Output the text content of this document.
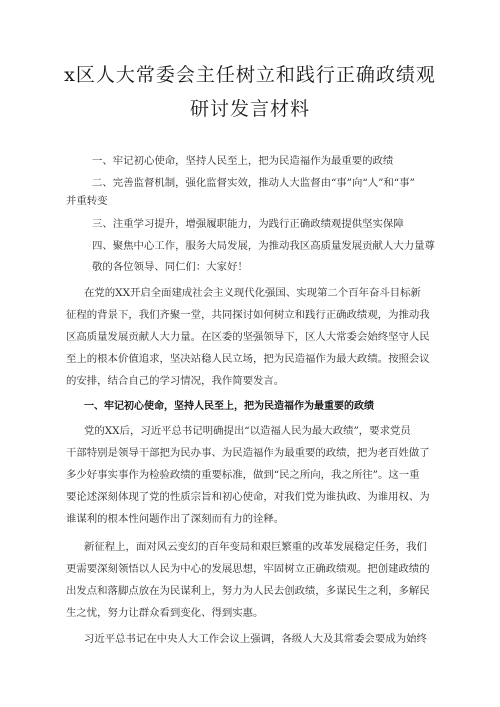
x区人大常委会主任树立和践行正确政绩观
研讨发言材料
一、牢记初心使命，坚持人民至上，把为民造福作为最重要的政绩
二、完善监督机制，强化监督实效，推动人大监督由“事”向“人”和“事”
并重转变
三、注重学习提升，增强履职能力，为践行正确政绩观提供坚实保障
四、聚焦中心工作，服务大局发展，为推动我区高质量发展贡献人大力量尊
敬的各位领导、同仁们：大家好！
在党的XX开启全面建成社会主义现代化强国、实现第二个百年奋斗目标新
征程的背景下，我们齐聚一堂，共同探讨如何树立和践行正确政绩观，为推动我
区高质量发展贡献人大力量。在区委的坚强领导下，区人大常委会始终坚守人民
至上的根本价值追求，坚决站稳人民立场，把为民造福作为最大政绩。按照会议
的安排，结合自己的学习情况，我作简要发言。
一、牢记初心使命，坚持人民至上，把为民造福作为最重要的政绩
党的XX后，习近平总书记明确提出“以造福人民为最大政绩”，要求党员
干部特别是领导干部把为民办事、为民造福作为最重要的政绩，把为老百姓做了
多少好事实事作为检验政绩的重要标准，做到“民之所向，我之所往”。这一重
要论述深刻体现了党的性质宗旨和初心使命，对我们党为谁执政、为谁用权、为
谁谋利的根本性问题作出了深刻而有力的诠释。
新征程上，面对风云变幻的百年变局和艰巨繁重的改革发展稳定任务，我们
更需要深刻领悟以人民为中心的发展思想，牢固树立正确政绩观。把创建政绩的
出发点和落脚点放在为民谋利上，努力为人民去创政绩，多谋民生之利，多解民
生之忧，努力让群众看到变化、得到实惠。
习近平总书记在中央人大工作会议上强调，各级人大及其常委会要成为始终
